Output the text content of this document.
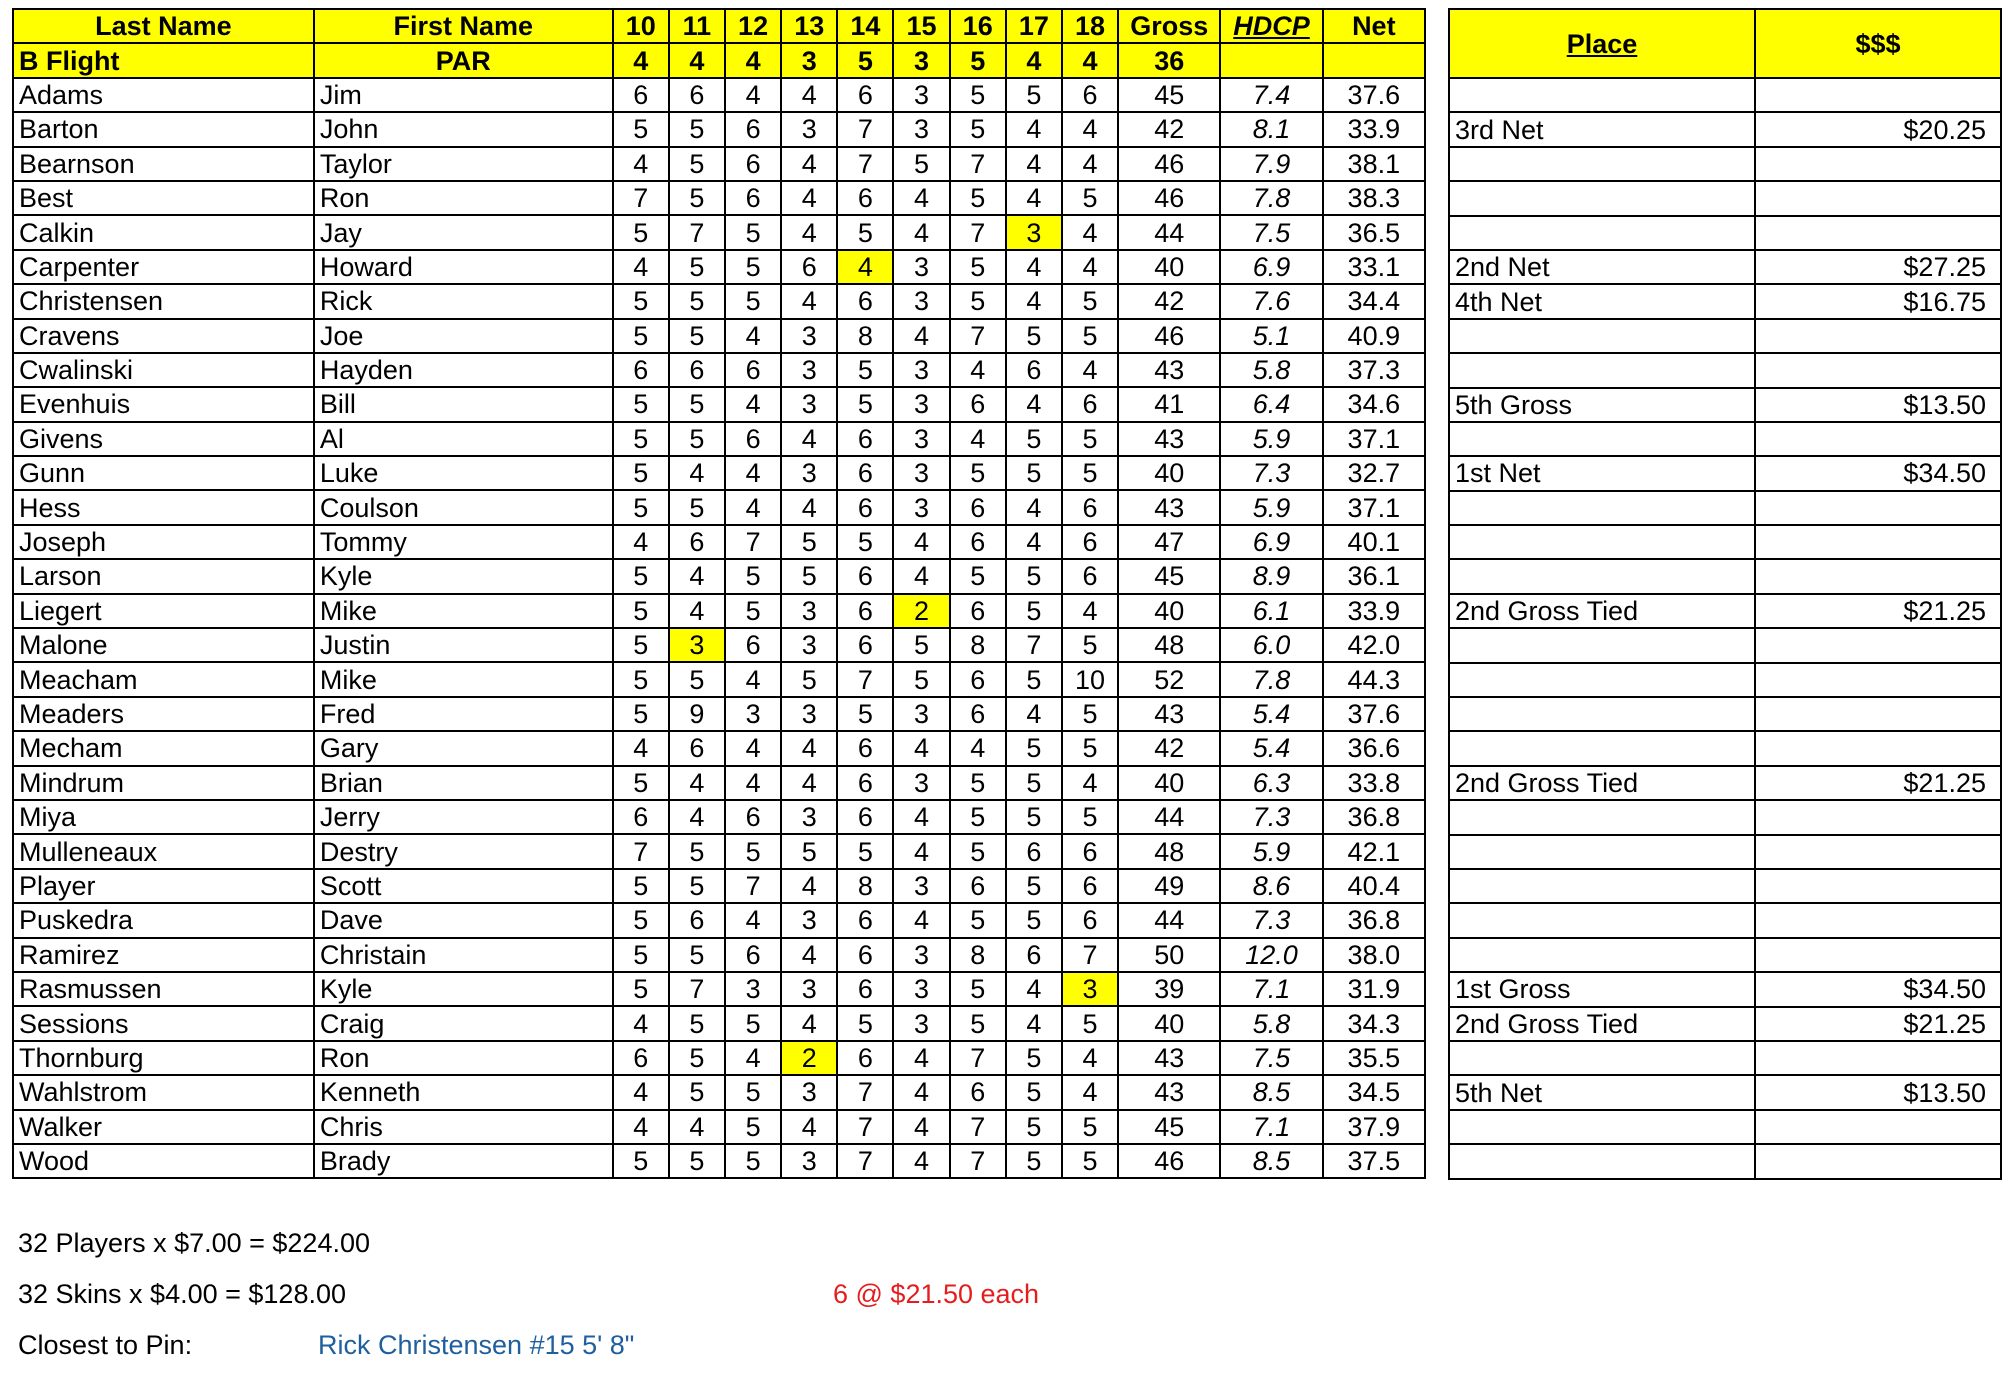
Last Name	First Name	10	11	12	13	14	15	16	17	18	Gross	HDCP	Net
B Flight	PAR	4	4	4	3	5	3	5	4	4	36		
Adams	Jim	6	6	4	4	6	3	5	5	6	45	7.4	37.6
Barton	John	5	5	6	3	7	3	5	4	4	42	8.1	33.9
Bearnson	Taylor	4	5	6	4	7	5	7	4	4	46	7.9	38.1
Best	Ron	7	5	6	4	6	4	5	4	5	46	7.8	38.3
Calkin	Jay	5	7	5	4	5	4	7	3	4	44	7.5	36.5
Carpenter	Howard	4	5	5	6	4	3	5	4	4	40	6.9	33.1
Christensen	Rick	5	5	5	4	6	3	5	4	5	42	7.6	34.4
Cravens	Joe	5	5	4	3	8	4	7	5	5	46	5.1	40.9
Cwalinski	Hayden	6	6	6	3	5	3	4	6	4	43	5.8	37.3
Evenhuis	Bill	5	5	4	3	5	3	6	4	6	41	6.4	34.6
Givens	Al	5	5	6	4	6	3	4	5	5	43	5.9	37.1
Gunn	Luke	5	4	4	3	6	3	5	5	5	40	7.3	32.7
Hess	Coulson	5	5	4	4	6	3	6	4	6	43	5.9	37.1
Joseph	Tommy	4	6	7	5	5	4	6	4	6	47	6.9	40.1
Larson	Kyle	5	4	5	5	6	4	5	5	6	45	8.9	36.1
Liegert	Mike	5	4	5	3	6	2	6	5	4	40	6.1	33.9
Malone	Justin	5	3	6	3	6	5	8	7	5	48	6.0	42.0
Meacham	Mike	5	5	4	5	7	5	6	5	10	52	7.8	44.3
Meaders	Fred	5	9	3	3	5	3	6	4	5	43	5.4	37.6
Mecham	Gary	4	6	4	4	6	4	4	5	5	42	5.4	36.6
Mindrum	Brian	5	4	4	4	6	3	5	5	4	40	6.3	33.8
Miya	Jerry	6	4	6	3	6	4	5	5	5	44	7.3	36.8
Mulleneaux	Destry	7	5	5	5	5	4	5	6	6	48	5.9	42.1
Player	Scott	5	5	7	4	8	3	6	5	6	49	8.6	40.4
Puskedra	Dave	5	6	4	3	6	4	5	5	6	44	7.3	36.8
Ramirez	Christain	5	5	6	4	6	3	8	6	7	50	12.0	38.0
Rasmussen	Kyle	5	7	3	3	6	3	5	4	3	39	7.1	31.9
Sessions	Craig	4	5	5	4	5	3	5	4	5	40	5.8	34.3
Thornburg	Ron	6	5	4	2	6	4	7	5	4	43	7.5	35.5
Wahlstrom	Kenneth	4	5	5	3	7	4	6	5	4	43	8.5	34.5
Walker	Chris	4	4	5	4	7	4	7	5	5	45	7.1	37.9
Wood	Brady	5	5	5	3	7	4	7	5	5	46	8.5	37.5
Place	$$$

3rd Net	$20.25

2nd Net	$27.25
4th Net	$16.75

5th Gross	$13.50

1st Net	$34.50

2nd Gross Tied	$21.25

2nd Gross Tied	$21.25

1st Gross	$34.50
2nd Gross Tied	$21.25

5th Net	$13.50

32 Players x $7.00 = $224.00
32 Skins x $4.00 = $128.00	6 @ $21.50 each
Closest to Pin:	Rick Christensen #15 5' 8"
